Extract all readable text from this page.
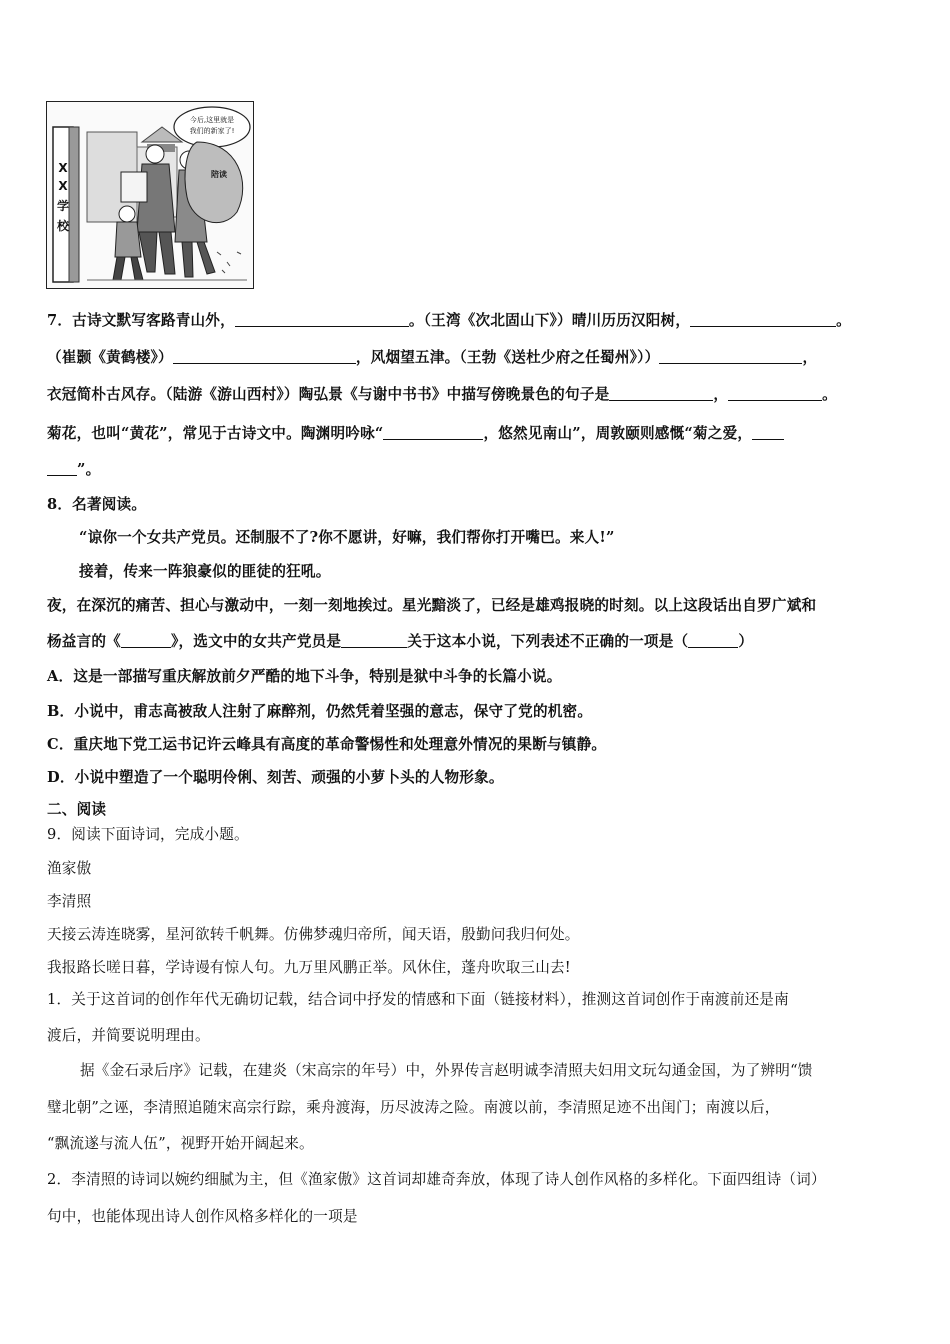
X
X
学
校
今后,这里就是
我们的新家了!
陪读
7．古诗文默写客路青山外，	。（王湾《次北固山下》）晴川历历汉阳树，	。
（崔颢《黄鹤楼》）	，风烟望五津。（王勃《送杜少府之任蜀州》））	，
衣冠简朴古风存。（陆游《游山西村》）陶弘景《与谢中书书》中描写傍晚景色的句子是	，	。
菊花，也叫“黄花”，常见于古诗文中。陶渊明吟咏“	，悠然见南山”，周敦颐则感慨“菊之爱，
”。
8．名著阅读。
“谅你一个女共产党员。还制服不了?你不愿讲，好嘛，我们帮你打开嘴巴。来人!”
接着，传来一阵狼豪似的匪徒的狂吼。
夜，在深沉的痛苦、担心与激动中，一刻一刻地挨过。星光黯淡了，已经是雄鸡报晓的时刻。以上这段话出自罗广斌和
杨益言的《	》，选文中的女共产党员是	关于这本小说，下列表述不正确的一项是（	）
A．这是一部描写重庆解放前夕严酷的地下斗争，特别是狱中斗争的长篇小说。
B．小说中，甫志高被敌人注射了麻醉剂，仍然凭着坚强的意志，保守了党的机密。
C．重庆地下党工运书记许云峰具有高度的革命警惕性和处理意外情况的果断与镇静。
D．小说中塑造了一个聪明伶俐、刻苦、顽强的小萝卜头的人物形象。
二、阅读
9．阅读下面诗词，完成小题。
渔家傲
李清照
天接云涛连晓雾，星河欲转千帆舞。仿佛梦魂归帝所，闻天语，殷勤问我归何处。
我报路长嗟日暮，学诗谩有惊人句。九万里风鹏正举。风休住，蓬舟吹取三山去!
1．关于这首词的创作年代无确切记载，结合词中抒发的情感和下面（链接材料），推测这首词创作于南渡前还是南
渡后，并简要说明理由。
据《金石录后序》记载，在建炎（宋高宗的年号）中，外界传言赵明诚李清照夫妇用文玩勾通金国，为了辨明“馈
璧北朝”之诬，李清照追随宋高宗行踪，乘舟渡海，历尽波涛之险。南渡以前，李清照足迹不出闺门；南渡以后，
“飘流遂与流人伍”，视野开始开阔起来。
2．李清照的诗词以婉约细腻为主，但《渔家傲》这首词却雄奇奔放，体现了诗人创作风格的多样化。下面四组诗（词）
句中，也能体现出诗人创作风格多样化的一项是
